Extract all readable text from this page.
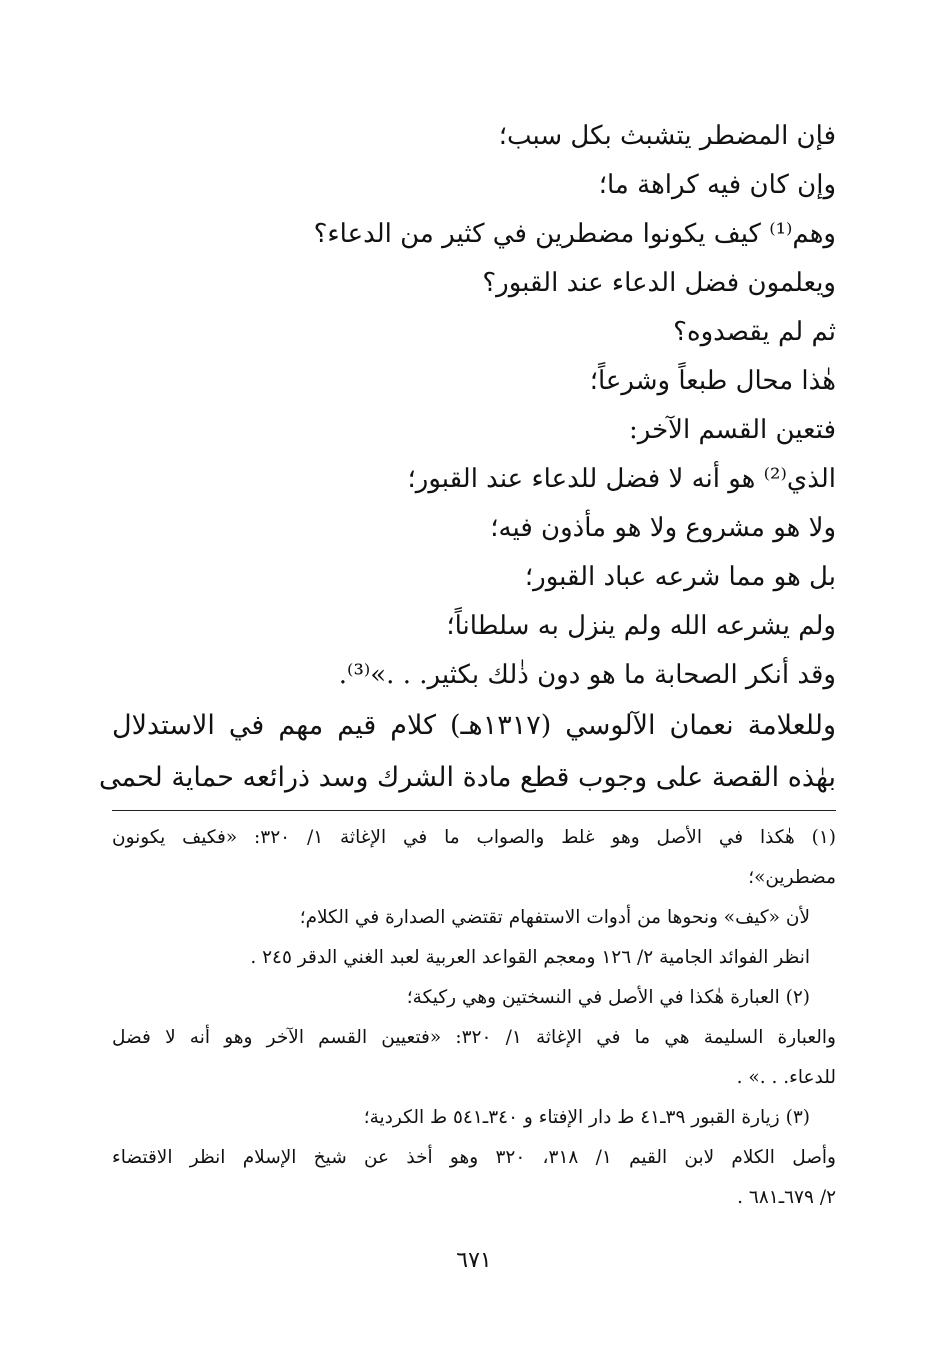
فإن المضطر يتشبث بكل سبب؛
وإن كان فيه كراهة ما؛
وهم⁽¹⁾ كيف يكونوا مضطرين في كثير من الدعاء؟
ويعلمون فضل الدعاء عند القبور؟
ثم لم يقصدوه؟
هٰذا محال طبعاً وشرعاً؛
فتعين القسم الآخر:
الذي⁽²⁾ هو أنه لا فضل للدعاء عند القبور؛
ولا هو مشروع ولا هو مأذون فيه؛
بل هو مما شرعه عباد القبور؛
ولم يشرعه الله ولم ينزل به سلطاناً؛
وقد أنكر الصحابة ما هو دون ذٰلك بكثير. . .»⁽³⁾.
وللعلامة نعمان الآلوسي (١٣١٧هـ) كلام قيم مهم في الاستدلال
بهٰذه القصة على وجوب قطع مادة الشرك وسد ذرائعه حماية لحمى
(١) هٰكذا في الأصل وهو غلط والصواب ما في الإغاثة ١/ ٣٢٠: «فكيف يكونون
مضطرين»؛
لأن «كيف» ونحوها من أدوات الاستفهام تقتضي الصدارة في الكلام؛
انظر الفوائد الجامية ٢/ ١٢٦ ومعجم القواعد العربية لعبد الغني الدقر ٢٤٥ .
(٢) العبارة هٰكذا في الأصل في النسختين وهي ركيكة؛
والعبارة السليمة هي ما في الإغاثة ١/ ٣٢٠: «فتعيين القسم الآخر وهو أنه لا فضل
للدعاء. . .» .
(٣) زيارة القبور ٣٩ـ٤١ ط دار الإفتاء و ٣٤٠ـ٥٤١ ط الكردية؛
وأصل الكلام لابن القيم ١/ ٣١٨، ٣٢٠ وهو أخذ عن شيخ الإسلام انظر الاقتضاء
٢/ ٦٧٩ـ٦٨١ .
٦٧١
